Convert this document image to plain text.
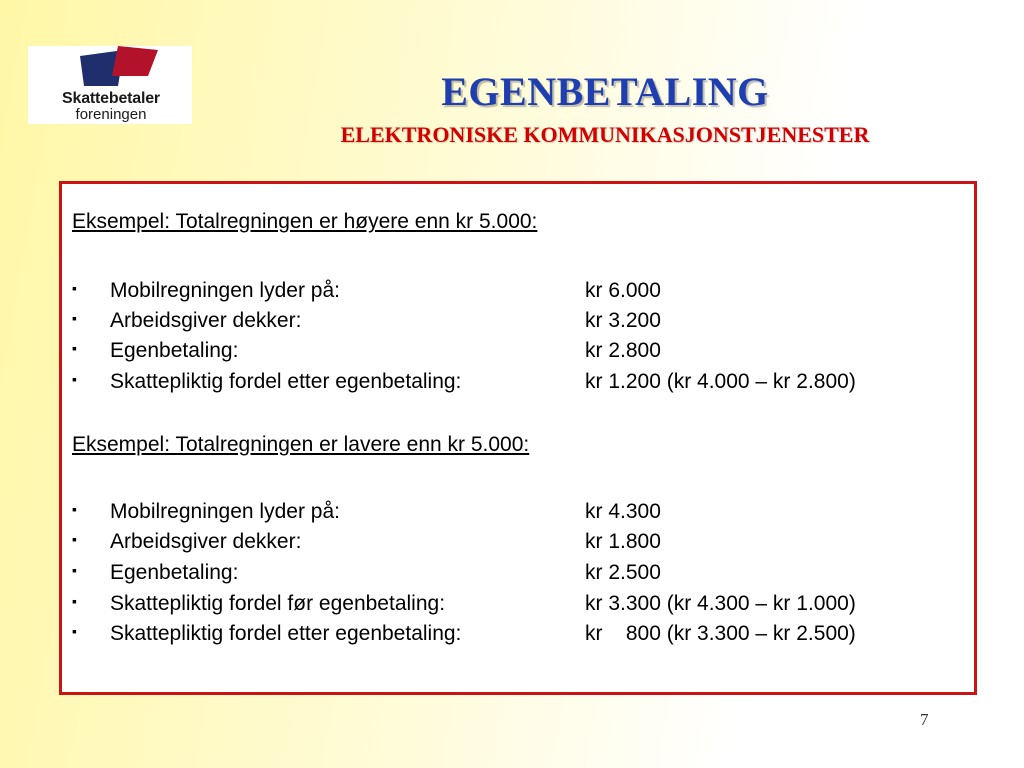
Skattebetaler
foreningen
EGENBETALING
ELEKTRONISKE KOMMUNIKASJONSTJENESTER
Eksempel: Totalregningen er høyere enn kr 5.000:
▪ Mobilregningen lyder på:	kr 6.000
▪ Arbeidsgiver dekker:	kr 3.200
▪ Egenbetaling:	kr 2.800
▪ Skattepliktig fordel etter egenbetaling:	kr 1.200 (kr 4.000 – kr 2.800)
Eksempel: Totalregningen er lavere enn kr 5.000:
▪ Mobilregningen lyder på:	kr 4.300
▪ Arbeidsgiver dekker:	kr 1.800
▪ Egenbetaling:	kr 2.500
▪ Skattepliktig fordel før egenbetaling:	kr 3.300 (kr 4.300 – kr 1.000)
▪ Skattepliktig fordel etter egenbetaling:	kr    800 (kr 3.300 – kr 2.500)
7
